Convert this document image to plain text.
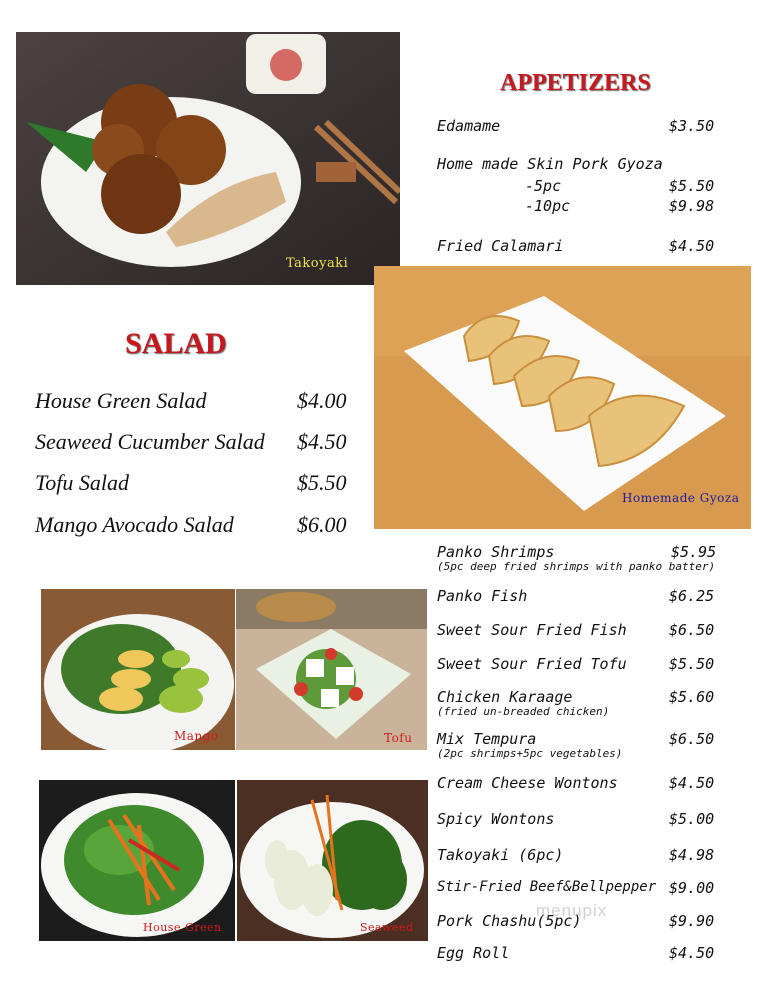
Takoyaki
APPETIZERS
Edamame	$3.50
Home made Skin Pork Gyoza
-5pc	$5.50
-10pc	$9.98
Fried Calamari	$4.50
Homemade Gyoza
SALAD
House Green Salad	$4.00
Seaweed Cucumber Salad $4.50
Tofu Salad	$5.50
Mango Avocado Salad	$6.00
Mango	Tofu
House Green	Seaweed
Panko Shrimps	$5.95
(5pc deep fried shrimps with panko batter)
Panko Fish	$6.25
Sweet Sour Fried Fish	$6.50
Sweet Sour Fried Tofu	$5.50
Chicken Karaage	$5.60
(fried un-breaded chicken)
Mix Tempura	$6.50
(2pc shrimps+5pc vegetables)
Cream Cheese Wontons	$4.50
Spicy Wontons	$5.00
Takoyaki (6pc)	$4.98
Stir-Fried Beef&Bellpepper $9.00
Pork Chashu(5pc)	$9.90
Egg Roll	$4.50
menupix
